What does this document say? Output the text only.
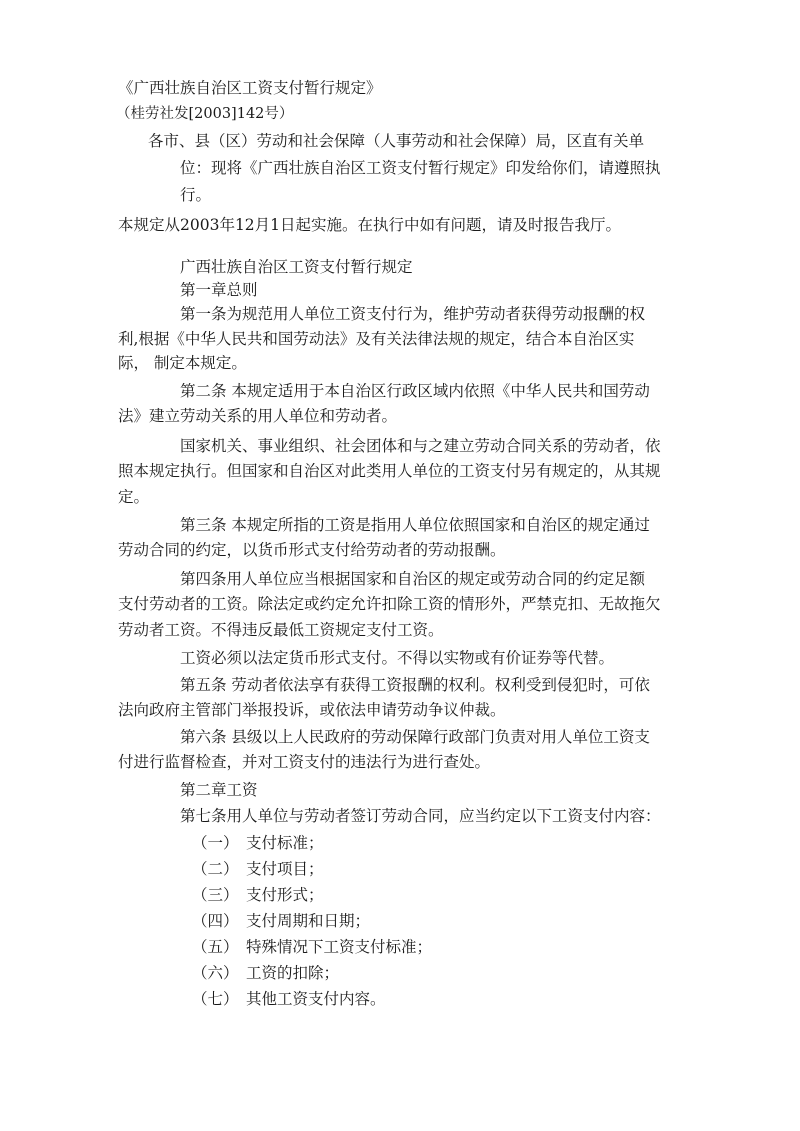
《广西壮族自治区工资支付暂行规定》
（桂劳社发[2003]142号）
各市、县（区）劳动和社会保障（人事劳动和社会保障）局，区直有关单
位：现将《广西壮族自治区工资支付暂行规定》印发给你们，请遵照执
行。
本规定从2003年12月1日起实施。在执行中如有问题，请及时报告我厅。
广西壮族自治区工资支付暂行规定
第一章总则
第一条为规范用人单位工资支付行为，维护劳动者获得劳动报酬的权
利,根据《中华人民共和国劳动法》及有关法律法规的规定，结合本自治区实
际， 制定本规定。
第二条 本规定适用于本自治区行政区域内依照《中华人民共和国劳动
法》建立劳动关系的用人单位和劳动者。
国家机关、事业组织、社会团体和与之建立劳动合同关系的劳动者，依
照本规定执行。但国家和自治区对此类用人单位的工资支付另有规定的，从其规
定。
第三条 本规定所指的工资是指用人单位依照国家和自治区的规定通过
劳动合同的约定，以货币形式支付给劳动者的劳动报酬。
第四条用人单位应当根据国家和自治区的规定或劳动合同的约定足额
支付劳动者的工资。除法定或约定允许扣除工资的情形外，严禁克扣、无故拖欠
劳动者工资。不得违反最低工资规定支付工资。
工资必须以法定货币形式支付。不得以实物或有价证券等代替。
第五条 劳动者依法享有获得工资报酬的权利。权利受到侵犯时，可依
法向政府主管部门举报投诉，或依法申请劳动争议仲裁。
第六条 县级以上人民政府的劳动保障行政部门负责对用人单位工资支
付进行监督检查，并对工资支付的违法行为进行查处。
第二章工资
第七条用人单位与劳动者签订劳动合同，应当约定以下工资支付内容：
（一） 支付标准；
（二） 支付项目；
（三） 支付形式；
（四） 支付周期和日期；
（五） 特殊情况下工资支付标准；
（六） 工资的扣除；
（七） 其他工资支付内容。
